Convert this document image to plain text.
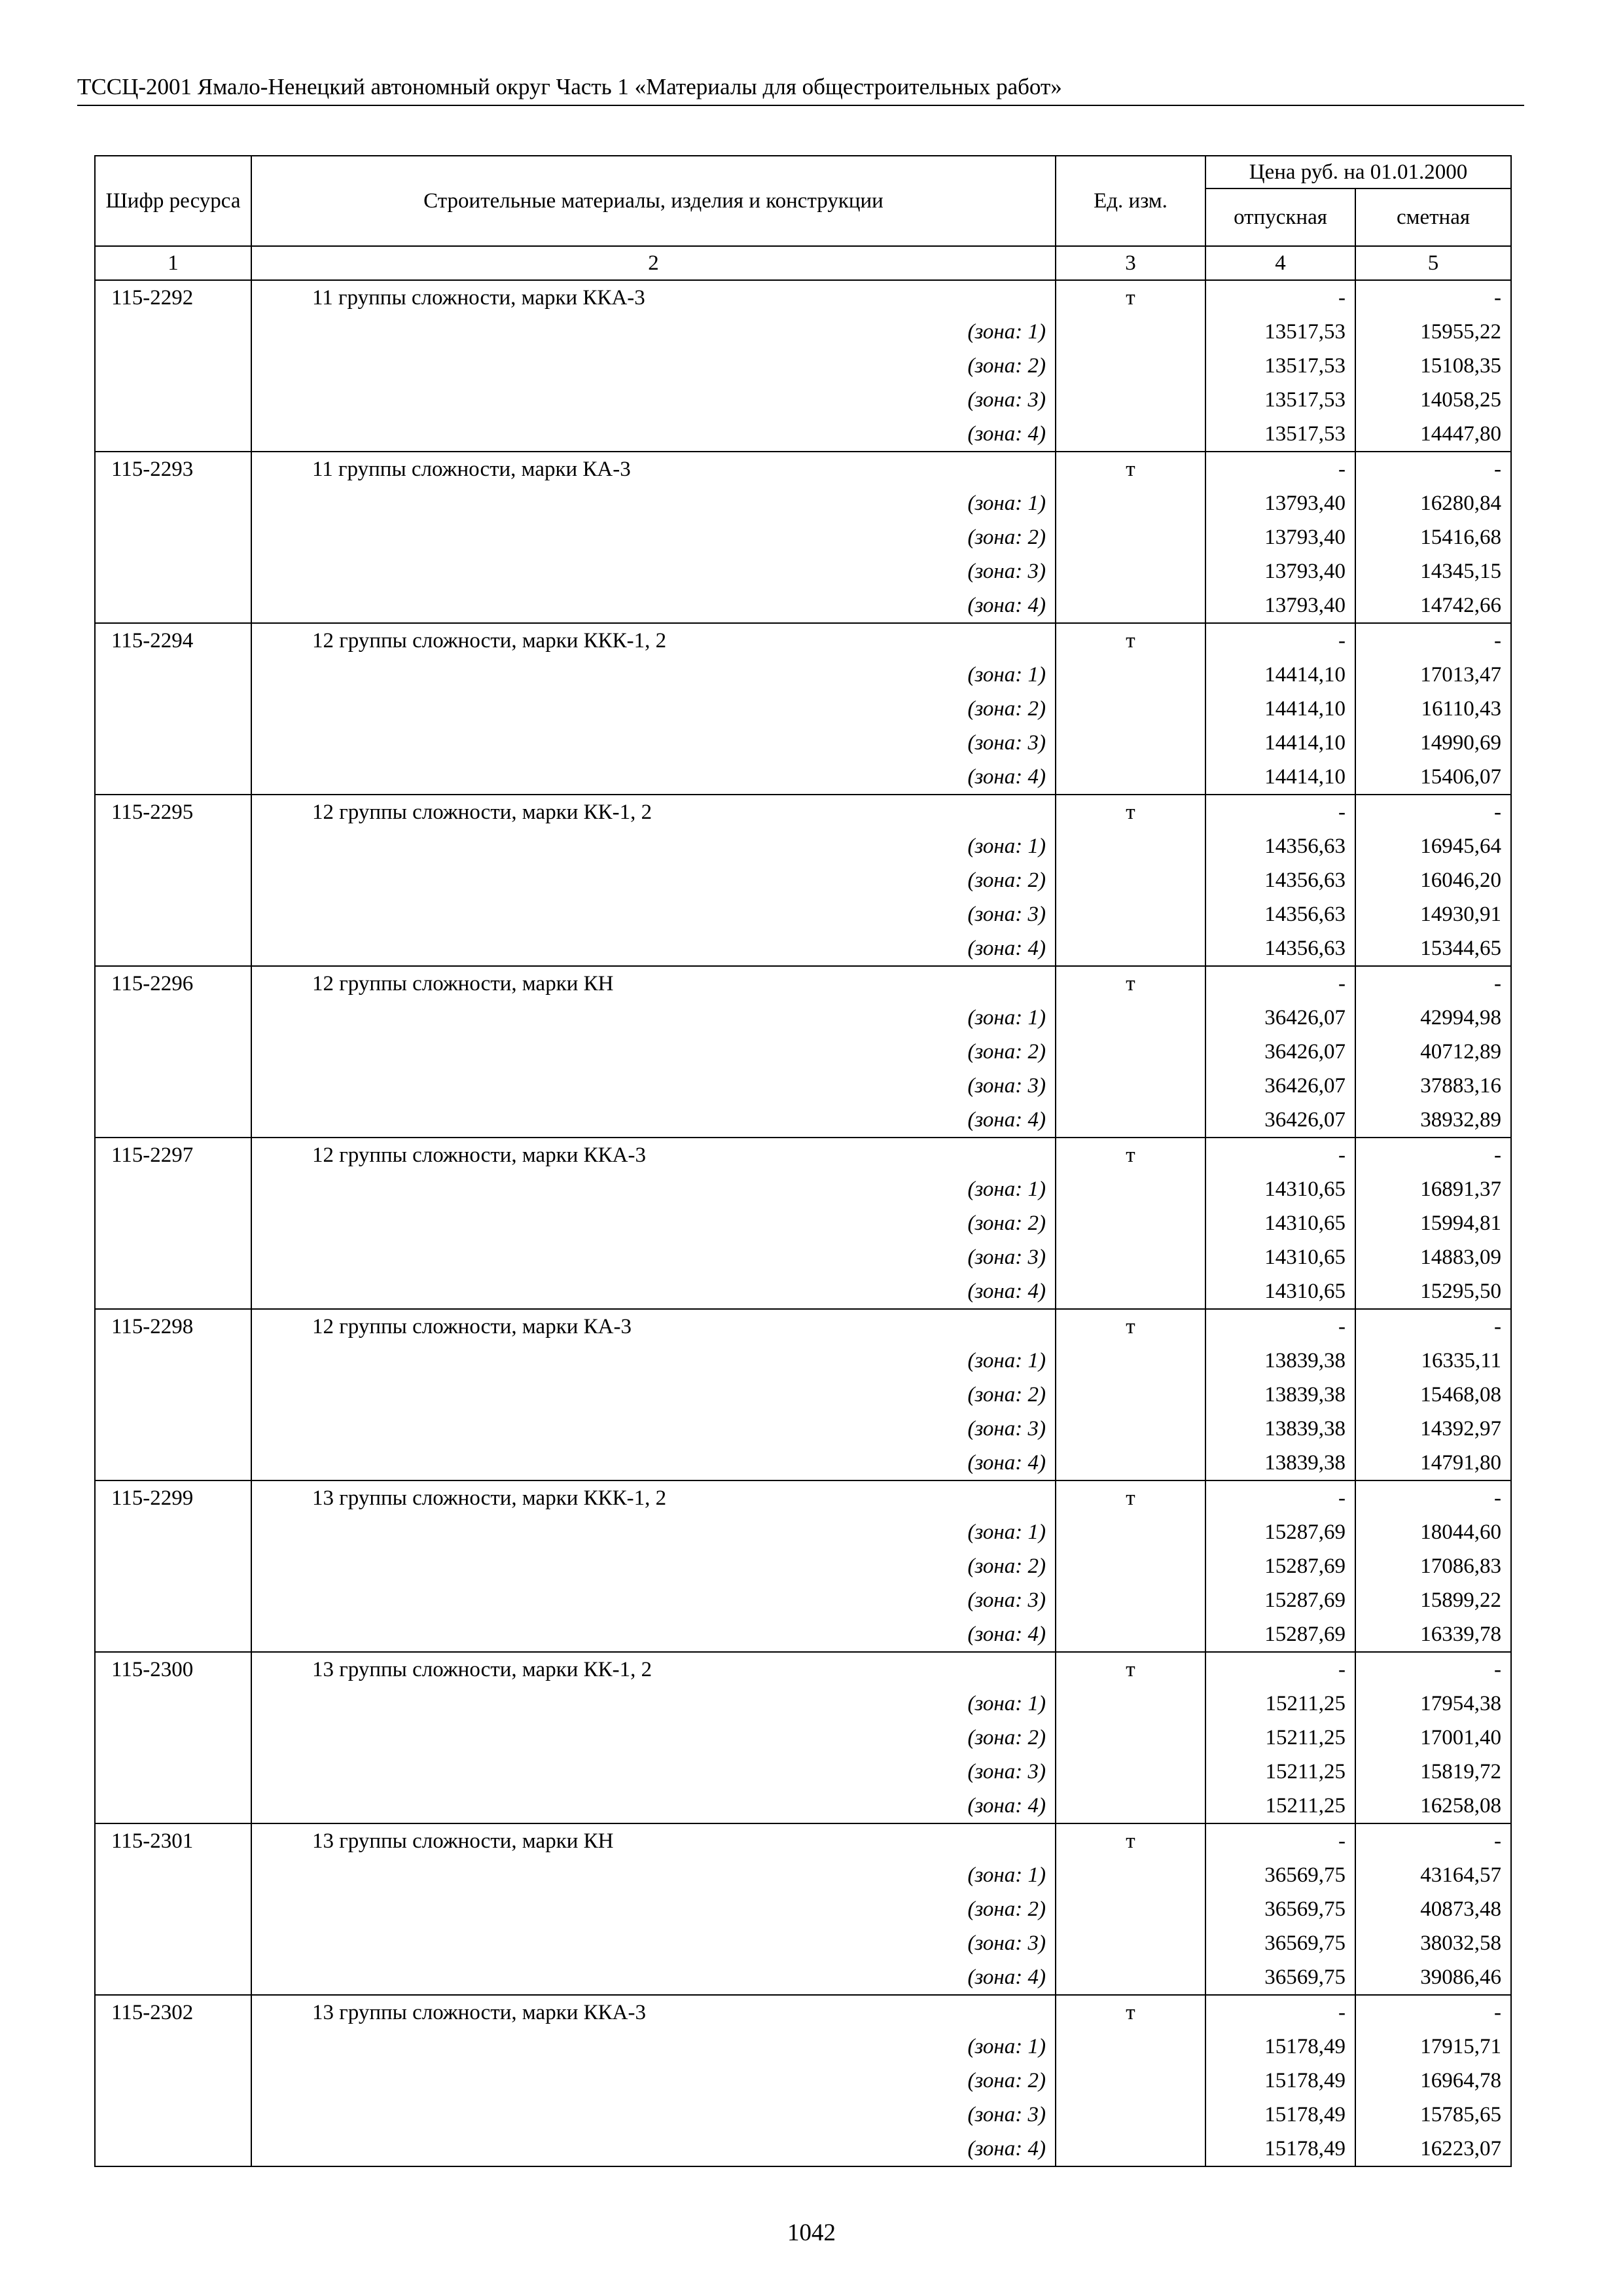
ТССЦ-2001 Ямало-Ненецкий автономный округ Часть 1 «Материалы для общестроительных работ»
Шифр ресурса	Строительные материалы, изделия и конструкции	Ед. изм.	Цена руб. на 01.01.2000	
			отпускная	сметная
1	2	3	4	5
115-2292	11 группы сложности, марки ККА-3	т	-	-
	(зона: 1)		13517,53	15955,22
	(зона: 2)		13517,53	15108,35
	(зона: 3)		13517,53	14058,25
	(зона: 4)		13517,53	14447,80
115-2293	11 группы сложности, марки КА-3	т	-	-
	(зона: 1)		13793,40	16280,84
	(зона: 2)		13793,40	15416,68
	(зона: 3)		13793,40	14345,15
	(зона: 4)		13793,40	14742,66
115-2294	12 группы сложности, марки ККК-1, 2	т	-	-
	(зона: 1)		14414,10	17013,47
	(зона: 2)		14414,10	16110,43
	(зона: 3)		14414,10	14990,69
	(зона: 4)		14414,10	15406,07
115-2295	12 группы сложности, марки КК-1, 2	т	-	-
	(зона: 1)		14356,63	16945,64
	(зона: 2)		14356,63	16046,20
	(зона: 3)		14356,63	14930,91
	(зона: 4)		14356,63	15344,65
115-2296	12 группы сложности, марки КН	т	-	-
	(зона: 1)		36426,07	42994,98
	(зона: 2)		36426,07	40712,89
	(зона: 3)		36426,07	37883,16
	(зона: 4)		36426,07	38932,89
115-2297	12 группы сложности, марки ККА-3	т	-	-
	(зона: 1)		14310,65	16891,37
	(зона: 2)		14310,65	15994,81
	(зона: 3)		14310,65	14883,09
	(зона: 4)		14310,65	15295,50
115-2298	12 группы сложности, марки КА-3	т	-	-
	(зона: 1)		13839,38	16335,11
	(зона: 2)		13839,38	15468,08
	(зона: 3)		13839,38	14392,97
	(зона: 4)		13839,38	14791,80
115-2299	13 группы сложности, марки ККК-1, 2	т	-	-
	(зона: 1)		15287,69	18044,60
	(зона: 2)		15287,69	17086,83
	(зона: 3)		15287,69	15899,22
	(зона: 4)		15287,69	16339,78
115-2300	13 группы сложности, марки КК-1, 2	т	-	-
	(зона: 1)		15211,25	17954,38
	(зона: 2)		15211,25	17001,40
	(зона: 3)		15211,25	15819,72
	(зона: 4)		15211,25	16258,08
115-2301	13 группы сложности, марки КН	т	-	-
	(зона: 1)		36569,75	43164,57
	(зона: 2)		36569,75	40873,48
	(зона: 3)		36569,75	38032,58
	(зона: 4)		36569,75	39086,46
115-2302	13 группы сложности, марки ККА-3	т	-	-
	(зона: 1)		15178,49	17915,71
	(зона: 2)		15178,49	16964,78
	(зона: 3)		15178,49	15785,65
	(зона: 4)		15178,49	16223,07
1042
